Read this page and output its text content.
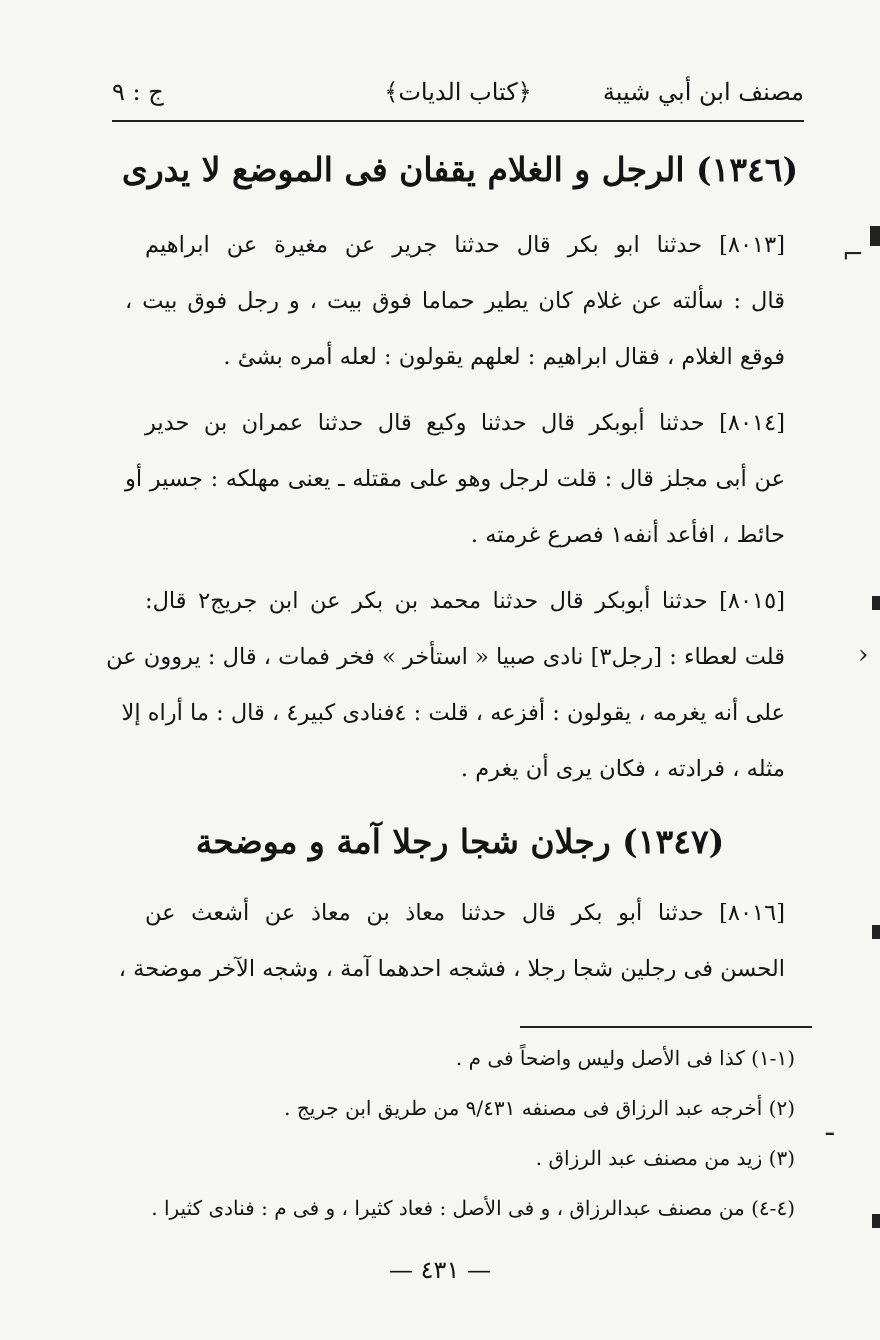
مصنف ابن أبي شيبة
﴿كتاب الديات﴾
ج : ٩
(١٣٤٦) الرجل و الغلام يقفان فى الموضع لا يدرى
[٨٠١٣] حدثنا ابو بكر قال حدثنا جرير عن مغيرة عن ابراهيم
قال : سألته عن غلام كان يطير حماما فوق بيت ، و رجل فوق بيت ،
فوقع الغلام ، فقال ابراهيم : لعلهم يقولون : لعله أمره بشئ .
[٨٠١٤] حدثنا أبوبكر قال حدثنا وكيع قال حدثنا عمران بن حدير
عن أبى مجلز قال : قلت لرجل وهو على مقتله ـ يعنى مهلكه : جسير أو
حائط ، افأعد أنفه١ فصرع غرمته .
[٨٠١٥] حدثنا أبوبكر قال حدثنا محمد بن بكر عن ابن جريج٢ قال:
قلت لعطاء : [رجل٣] نادى صبيا « استأخر » فخر فمات ، قال : يروون عن
على أنه يغرمه ، يقولون : أفزعه ، قلت : ٤فنادى كبير٤ ، قال : ما أراه إلا
مثله ، فرادته ، فكان يرى أن يغرم .
(١٣٤٧) رجلان شجا رجلا آمة و موضحة
[٨٠١٦] حدثنا أبو بكر قال حدثنا معاذ بن معاذ عن أشعث عن
الحسن فى رجلين شجا رجلا ، فشجه احدهما آمة ، وشجه الآخر موضحة ،
(١-١) كذا فى الأصل وليس واضحاً فى م .
(٢) أخرجه عبد الرزاق فى مصنفه ٩/٤٣١ من طريق ابن جريج .
(٣) زيد من مصنف عبد الرزاق .
(٤-٤) من مصنف عبدالرزاق ، و فى الأصل : فعاد كثيرا ، و فى م : فنادى كثيرا .
— ٤٣١ —
⌐
›
ـ
